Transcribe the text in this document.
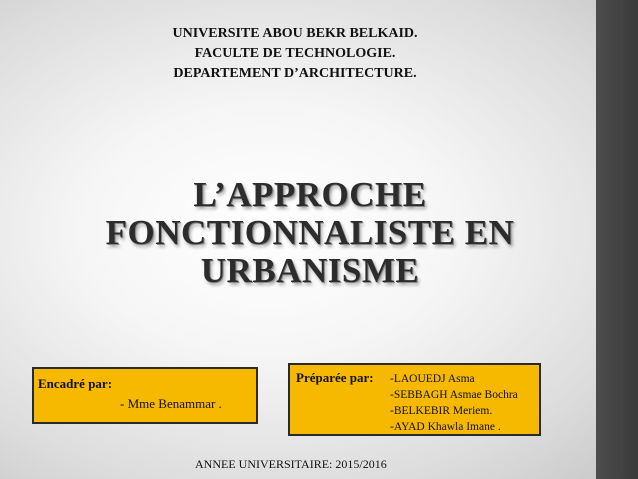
UNIVERSITE ABOU BEKR BELKAID.
FACULTE DE TECHNOLOGIE.
DEPARTEMENT D’ARCHITECTURE.
L’APPROCHE
FONCTIONNALISTE EN
URBANISME
Encadré par:
- Mme Benammar .
Préparée par: -LAOUEDJ Asma
-SEBBAGH Asmae Bochra
-BELKEBIR Meriem.
-AYAD Khawla Imane .
ANNEE UNIVERSITAIRE: 2015/2016
